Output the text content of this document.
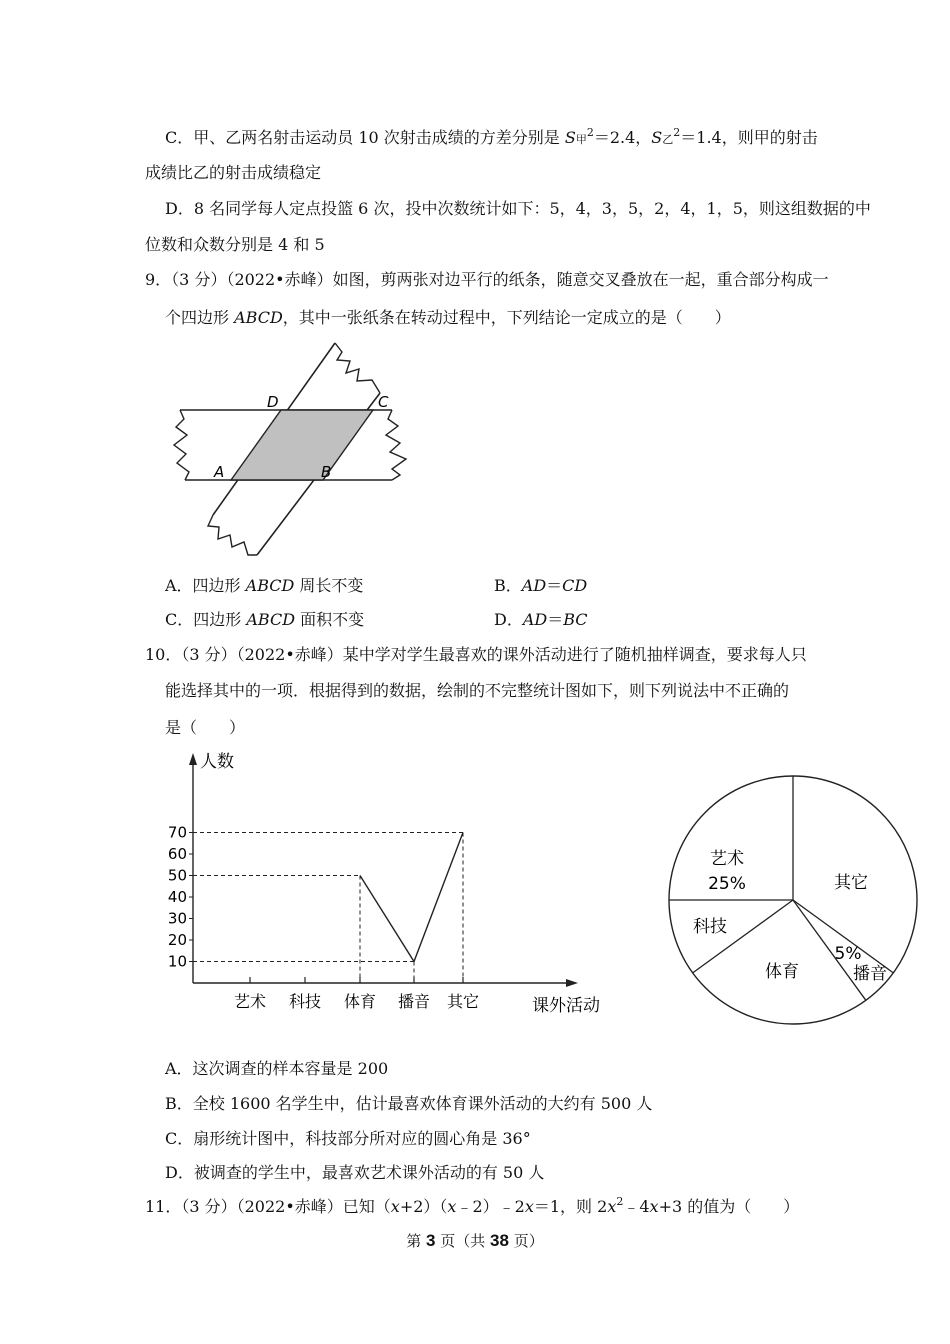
C．甲、乙两名射击运动员 10 次射击成绩的方差分别是 S甲$^2$＝2.4，S乙$^2$＝1.4，则甲的射击
成绩比乙的射击成绩稳定
D．8 名同学每人定点投篮 6 次，投中次数统计如下：5，4，3，5，2，4，1，5，则这组数据的中
位数和众数分别是 4 和 5
9．（3 分）（2022•赤峰）如图，剪两张对边平行的纸条，随意交叉叠放在一起，重合部分构成一
个四边形 ABCD，其中一张纸条在转动过程中，下列结论一定成立的是（　　）
D	C
A	B
A．四边形 ABCD 周长不变	B．AD＝CD
C．四边形 ABCD 面积不变	D．AD＝BC
10．（3 分）（2022•赤峰）某中学对学生最喜欢的课外活动进行了随机抽样调查，要求每人只
能选择其中的一项．根据得到的数据，绘制的不完整统计图如下，则下列说法中不正确的
是（　　）
人数
课外活动
10
20
30
40
50
60
70
艺术 科技 体育 播音 其它
艺术
25%	其它
播音
5%
体育
科技
A．这次调查的样本容量是 200
B．全校 1600 名学生中，估计最喜欢体育课外活动的大约有 500 人
C．扇形统计图中，科技部分所对应的圆心角是 36°
D．被调查的学生中，最喜欢艺术课外活动的有 50 人
11．（3 分）（2022•赤峰）已知（x+2）（x﹣2）﹣2x＝1，则 $2x^2﹣4x+3$ 的值为（　　）
第 3 页（共 38 页）
